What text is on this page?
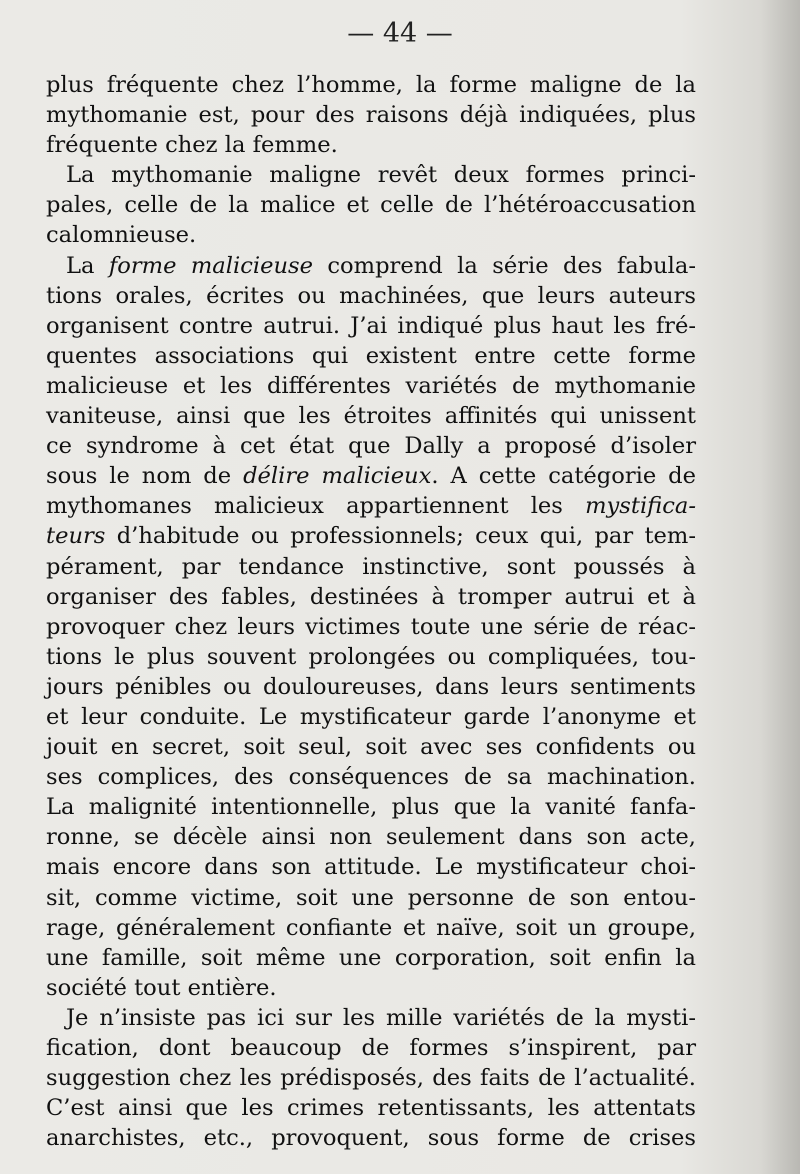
— 44 —
plus fréquente chez l’homme, la forme maligne de la
mythomanie est, pour des raisons déjà indiquées, plus
fréquente chez la femme.
La mythomanie maligne revêt deux formes princi-
pales, celle de la malice et celle de l’hétéroaccusation
calomnieuse.
La forme malicieuse comprend la série des fabula-
tions orales, écrites ou machinées, que leurs auteurs
organisent contre autrui. J’ai indiqué plus haut les fré-
quentes associations qui existent entre cette forme
malicieuse et les différentes variétés de mythomanie
vaniteuse, ainsi que les étroites affinités qui unissent
ce syndrome à cet état que Dally a proposé d’isoler
sous le nom de délire malicieux. A cette catégorie de
mythomanes malicieux appartiennent les mystifica-
teurs d’habitude ou professionnels; ceux qui, par tem-
pérament, par tendance instinctive, sont poussés à
organiser des fables, destinées à tromper autrui et à
provoquer chez leurs victimes toute une série de réac-
tions le plus souvent prolongées ou compliquées, tou-
jours pénibles ou douloureuses, dans leurs sentiments
et leur conduite. Le mystificateur garde l’anonyme et
jouit en secret, soit seul, soit avec ses confidents ou
ses complices, des conséquences de sa machination.
La malignité intentionnelle, plus que la vanité fanfa-
ronne, se décèle ainsi non seulement dans son acte,
mais encore dans son attitude. Le mystificateur choi-
sit, comme victime, soit une personne de son entou-
rage, généralement confiante et naïve, soit un groupe,
une famille, soit même une corporation, soit enfin la
société tout entière.
Je n’insiste pas ici sur les mille variétés de la mysti-
fication, dont beaucoup de formes s’inspirent, par
suggestion chez les prédisposés, des faits de l’actualité.
C’est ainsi que les crimes retentissants, les attentats
anarchistes, etc., provoquent, sous forme de crises
